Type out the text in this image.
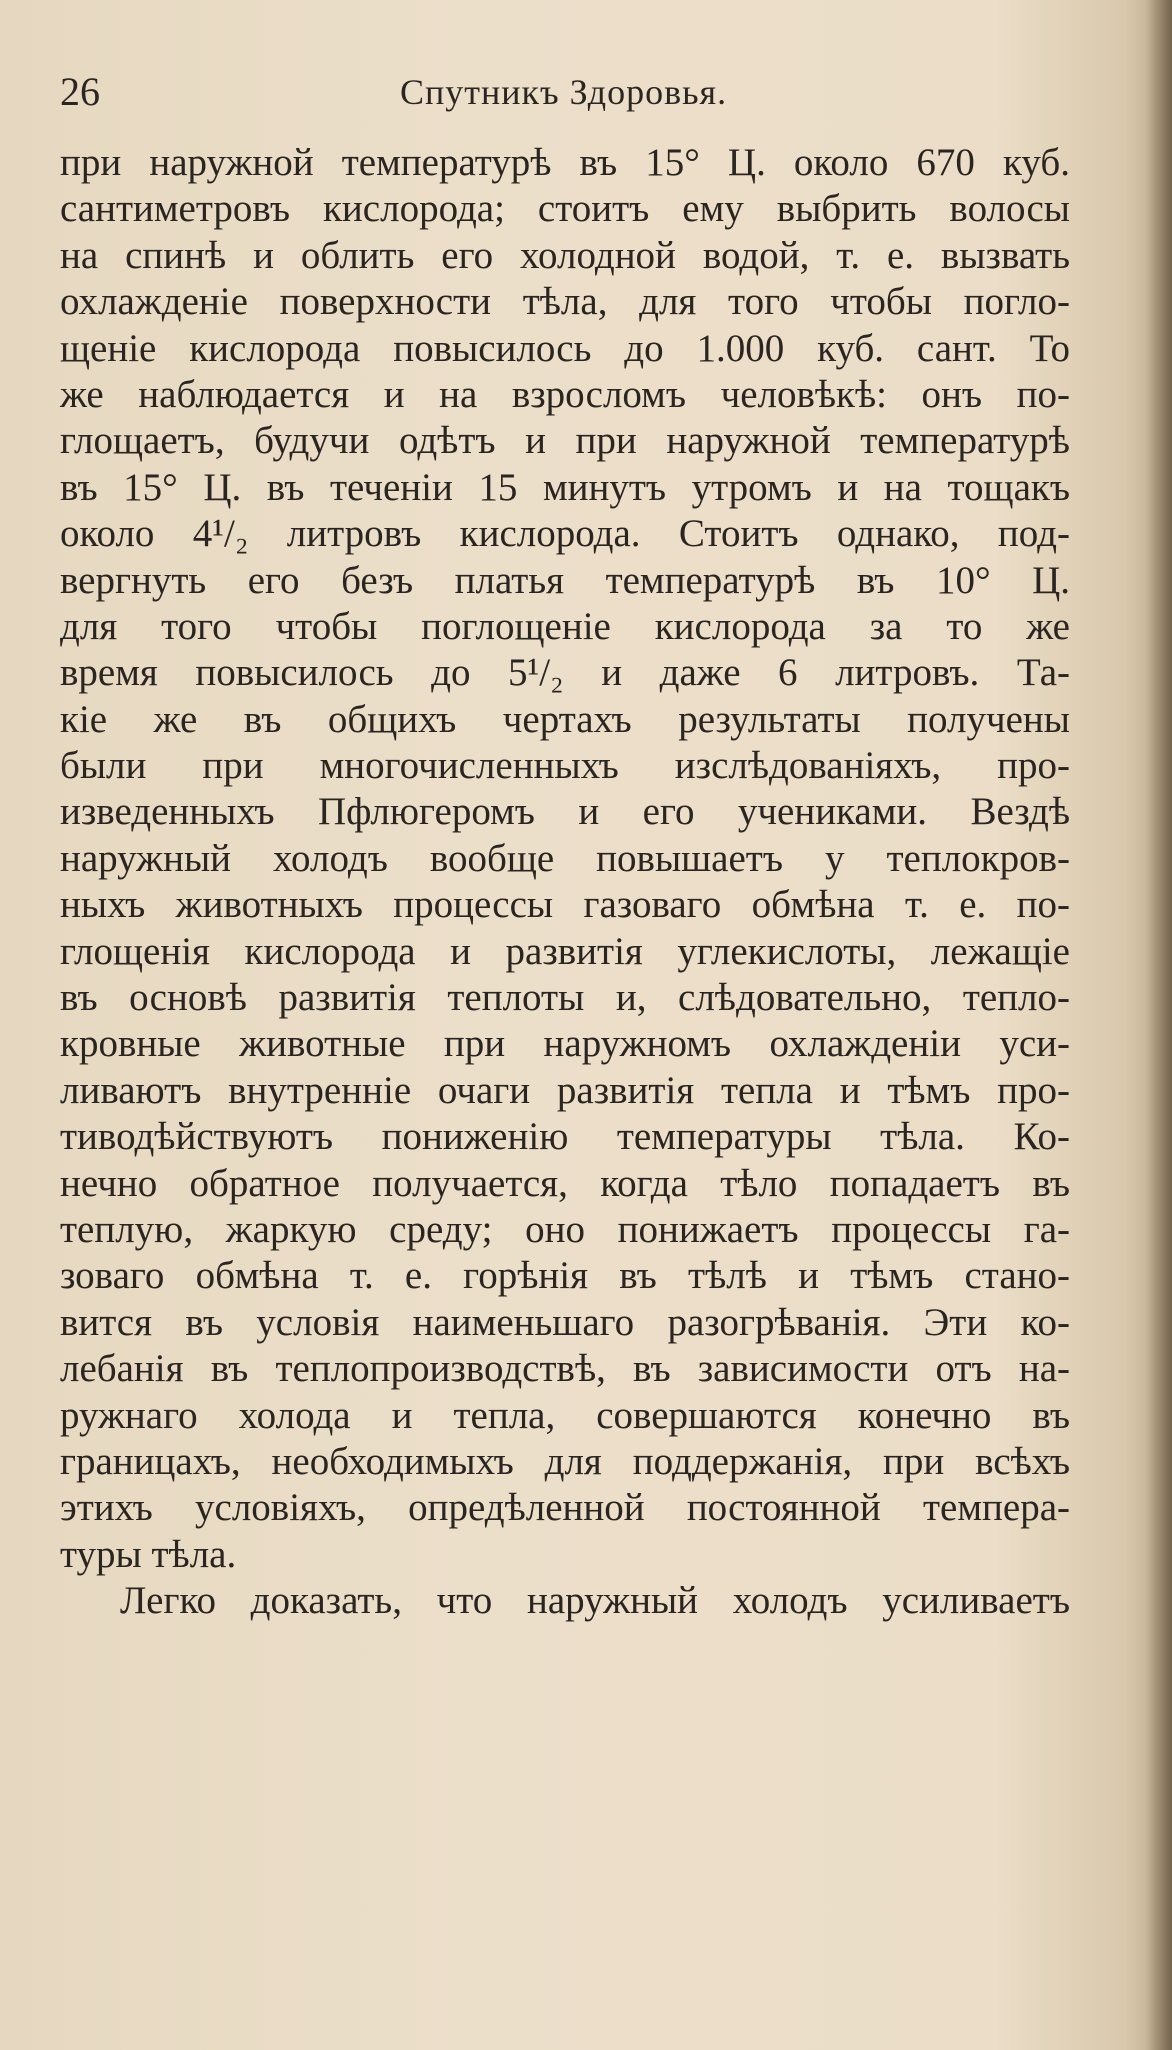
26	Спутникъ Здоровья.
при наружной температурѣ въ 15° Ц. около 670 куб.
сантиметровъ кислорода; стоитъ ему выбрить волосы
на спинѣ и облить его холодной водой, т. е. вызвать
охлажденіе поверхности тѣла, для того чтобы погло-
щеніе кислорода повысилось до 1.000 куб. сант. То
же наблюдается и на взросломъ человѣкѣ: онъ по-
глощаетъ, будучи одѣтъ и при наружной температурѣ
въ 15° Ц. въ теченіи 15 минутъ утромъ и на тощакъ
около 4¹/₂ литровъ кислорода. Стоитъ однако, под-
вергнуть его безъ платья температурѣ въ 10° Ц.
для того чтобы поглощеніе кислорода за то же
время повысилось до 5¹/₂ и даже 6 литровъ. Та-
кіе же въ общихъ чертахъ результаты получены
были при многочисленныхъ изслѣдованіяхъ, про-
изведенныхъ Пфлюгеромъ и его учениками. Вездѣ
наружный холодъ вообще повышаетъ у теплокров-
ныхъ животныхъ процессы газоваго обмѣна т. е. по-
глощенія кислорода и развитія углекислоты, лежащіе
въ основѣ развитія теплоты и, слѣдовательно, тепло-
кровные животные при наружномъ охлажденіи уси-
ливаютъ внутренніе очаги развитія тепла и тѣмъ про-
тиводѣйствуютъ пониженію температуры тѣла. Ко-
нечно обратное получается, когда тѣло попадаетъ въ
теплую, жаркую среду; оно понижаетъ процессы га-
зоваго обмѣна т. е. горѣнія въ тѣлѣ и тѣмъ стано-
вится въ условія наименьшаго разогрѣванія. Эти ко-
лебанія въ теплопроизводствѣ, въ зависимости отъ на-
ружнаго холода и тепла, совершаются конечно въ
границахъ, необходимыхъ для поддержанія, при всѣхъ
этихъ условіяхъ, опредѣленной постоянной темпера-
туры тѣла.
Легко доказать, что наружный холодъ усиливаетъ
